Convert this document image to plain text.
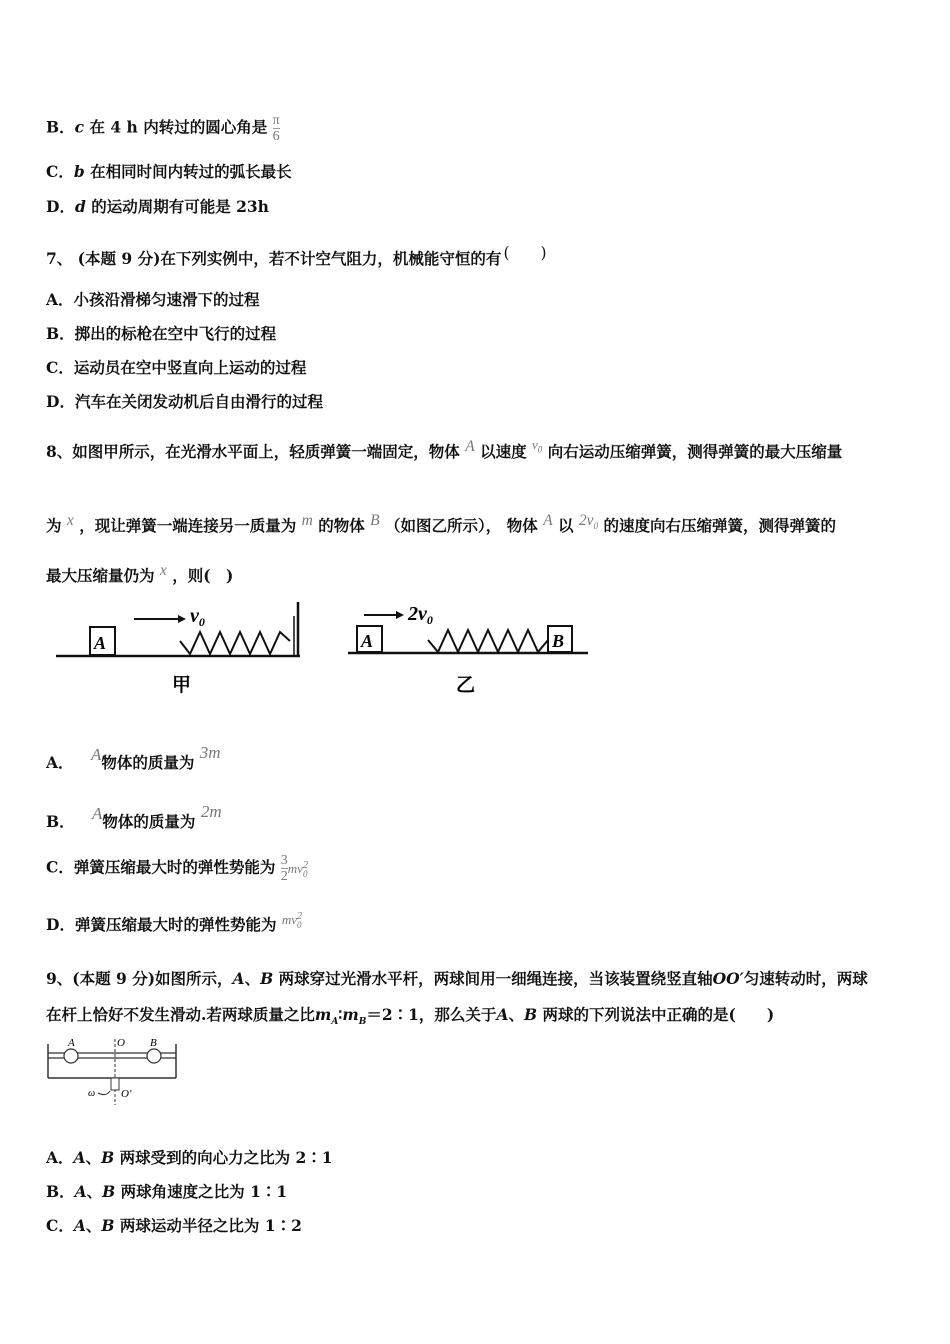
B．c 在 4 h 内转过的圆心角是 $\frac{\pi}{6}$
C．b 在相同时间内转过的弧长最长
D．d 的运动周期有可能是 23h
7、 (本题 9 分)在下列实例中，若不计空气阻力，机械能守恒的有 (　　)
A．小孩沿滑梯匀速滑下的过程
B．掷出的标枪在空中飞行的过程
C．运动员在空中竖直向上运动的过程
D．汽车在关闭发动机后自由滑行的过程
8、如图甲所示，在光滑水平面上，轻质弹簧一端固定，物体 A 以速度 $^{v_0}$ 向右运动压缩弹簧，测得弹簧的最大压缩量
为 x ，现让弹簧一端连接另一质量为 m 的物体 B （如图乙所示）， 物体 A 以 $2v_0$ 的速度向右压缩弹簧，测得弹簧的
最大压缩量仍为 x ，则(　)
A
$v_0$
甲
A
$2v_0$
B
乙
A． A物体的质量为 3m
B． A物体的质量为 2m
C．弹簧压缩最大时的弹性势能为 $\frac{3}{2}$ mv 2
0
D．弹簧压缩最大时的弹性势能为 $^{mv 2 0}$
9、(本题 9 分)如图所示，A、B 两球穿过光滑水平杆，两球间用一细绳连接，当该装置绕竖直轴OO′匀速转动时，两球
在杆上恰好不发生滑动.若两球质量之比$m_A∶m_B=2∶1$，那么关于A、B 两球的下列说法中正确的是(　　)
A	O B
ω O′
A．A、B 两球受到的向心力之比为 2∶1
B．A、B 两球角速度之比为 1∶1
C．A、B 两球运动半径之比为 1∶2
